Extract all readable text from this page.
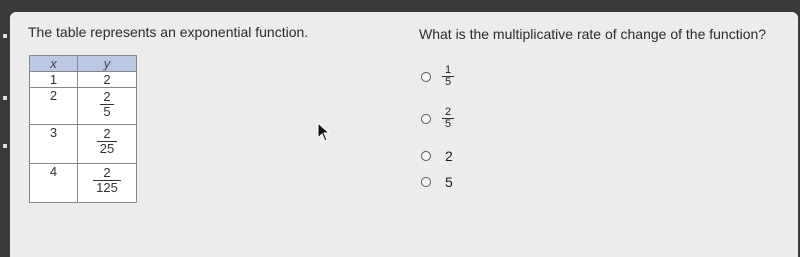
The table represents an exponential function.	What is the multiplicative rate of change of the function?
x	y
1	2
2	$\frac{2}{5}$

3	$\frac{2}{25}$

4	$\frac{2}{125}$
$\frac{1}{5}$
$\frac{2}{5}$
2
5
